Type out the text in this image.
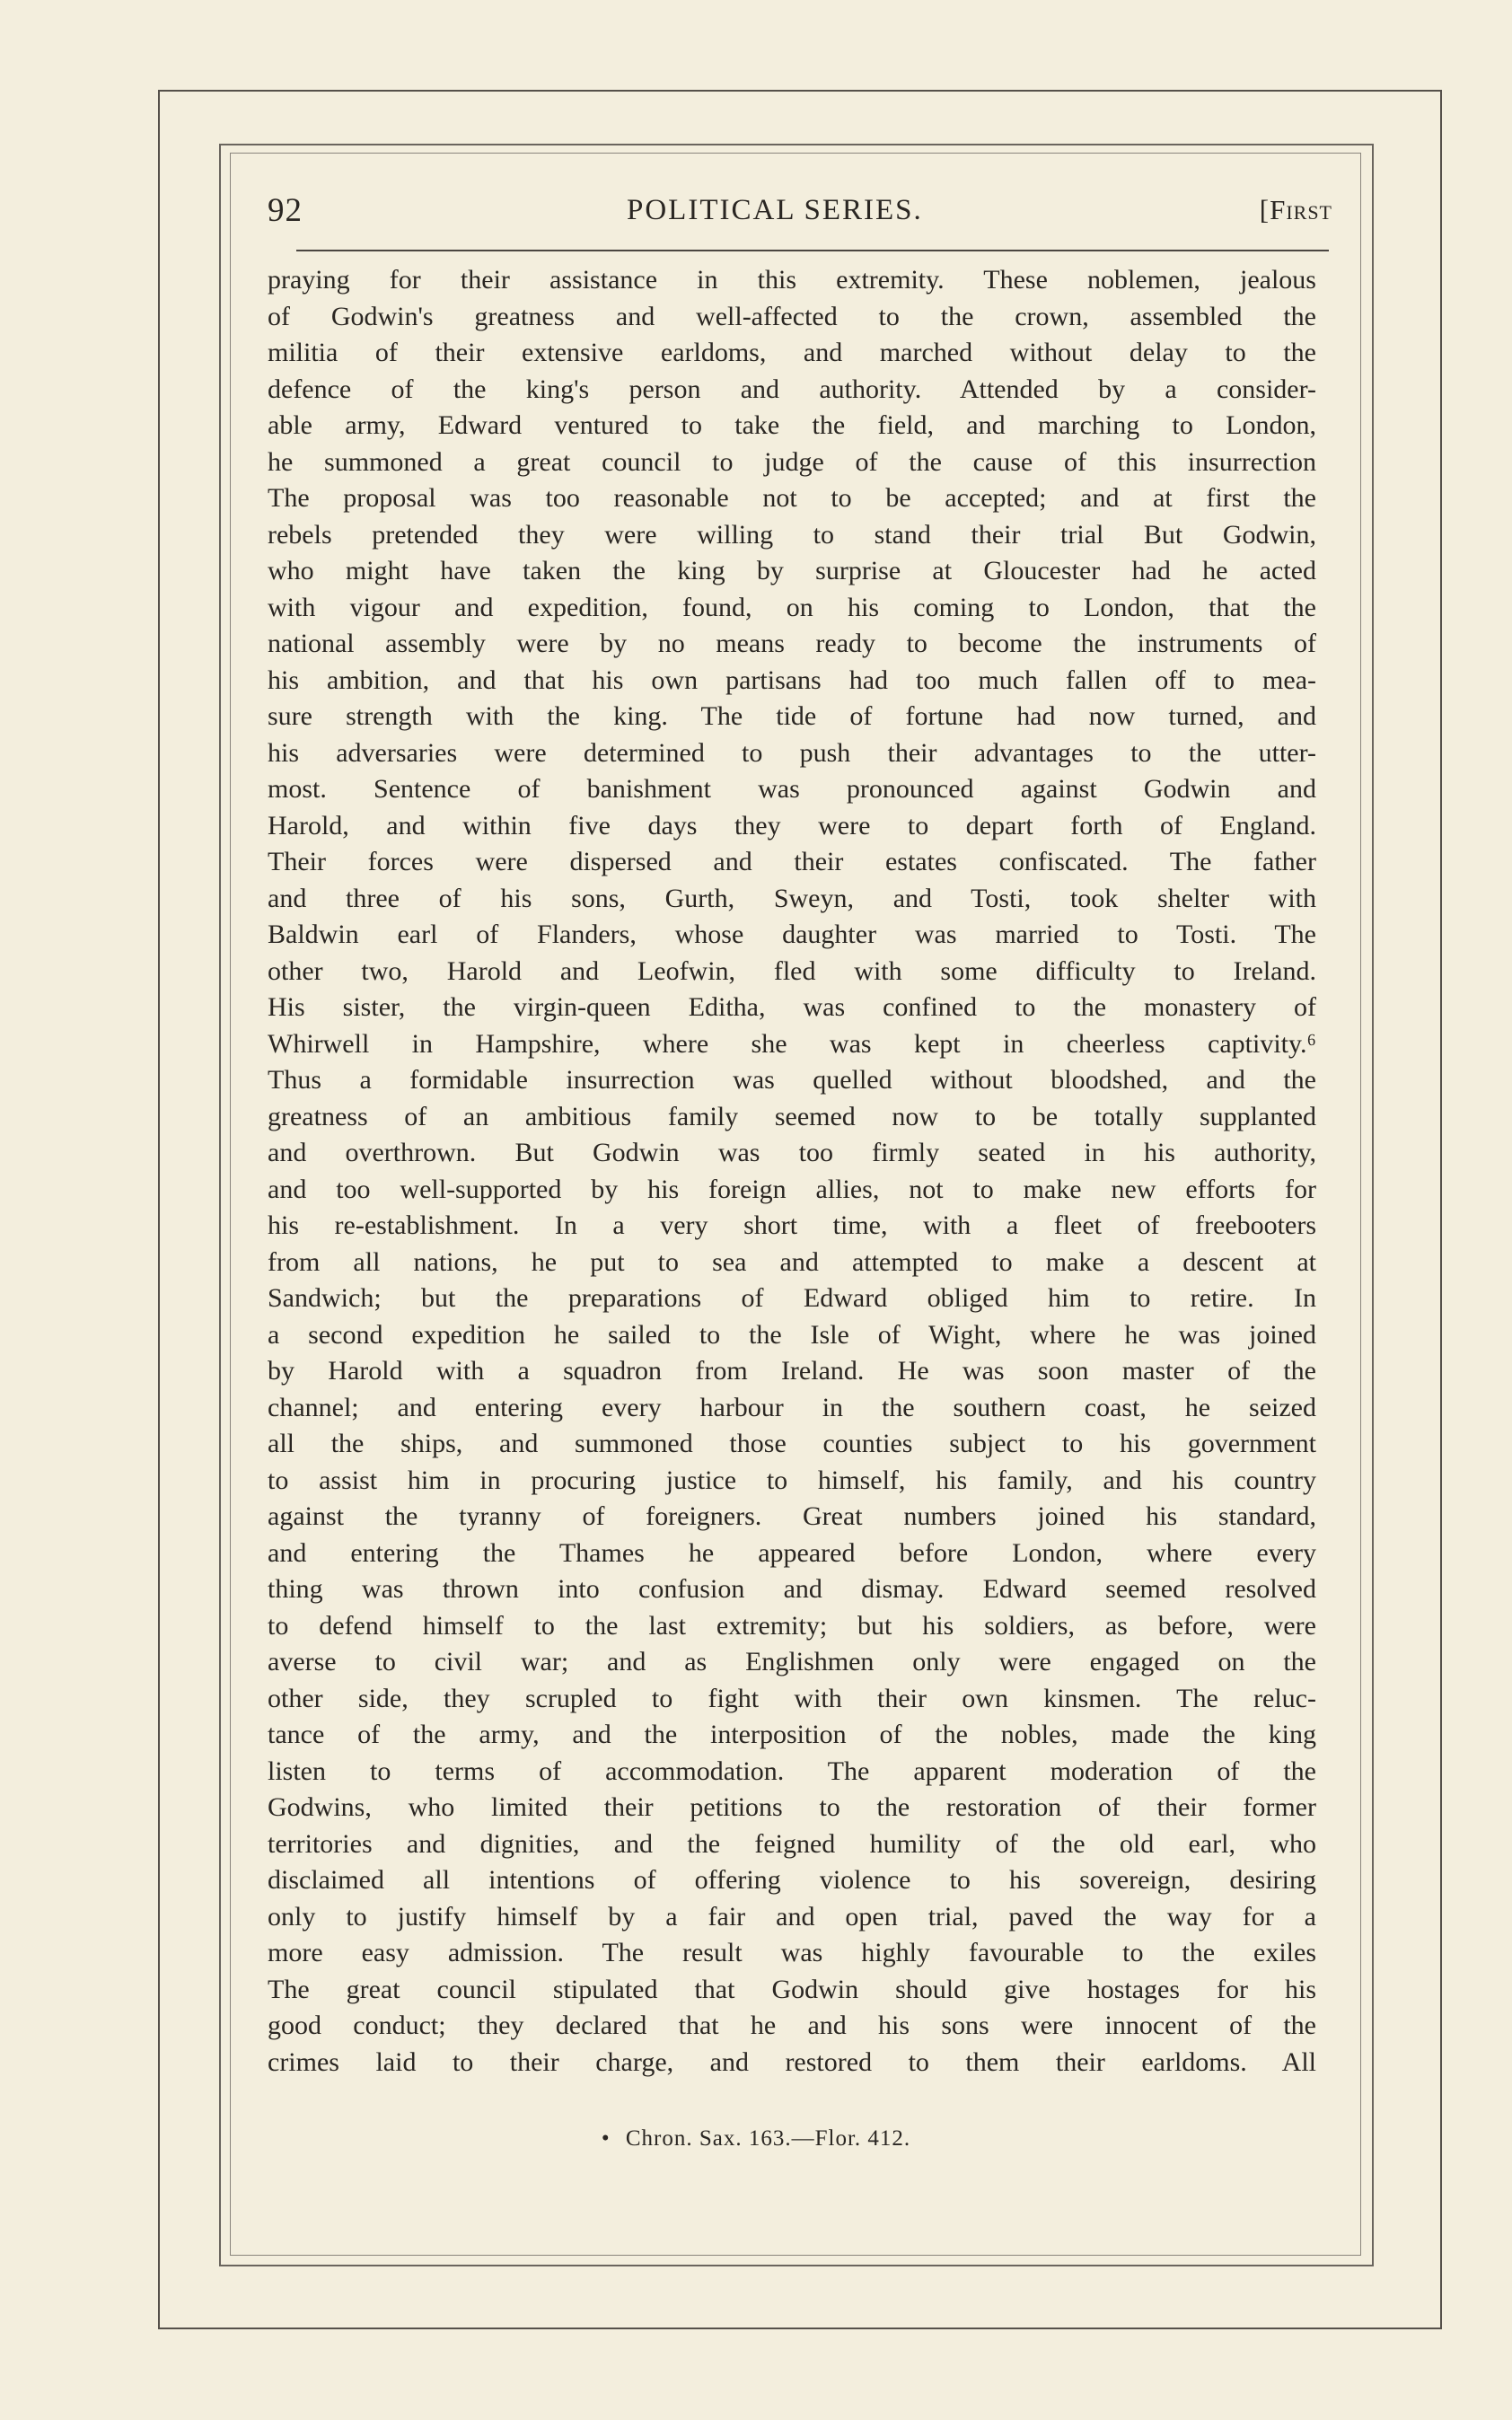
92	POLITICAL SERIES.	[First
praying for their assistance in this extremity. These noblemen, jealous
of Godwin's greatness and well-affected to the crown, assembled the
militia of their extensive earldoms, and marched without delay to the
defence of the king's person and authority. Attended by a consider-
able army, Edward ventured to take the field, and marching to London,
he summoned a great council to judge of the cause of this insurrection
The proposal was too reasonable not to be accepted; and at first the
rebels pretended they were willing to stand their trial But Godwin,
who might have taken the king by surprise at Gloucester had he acted
with vigour and expedition, found, on his coming to London, that the
national assembly were by no means ready to become the instruments of
his ambition, and that his own partisans had too much fallen off to mea-
sure strength with the king. The tide of fortune had now turned, and
his adversaries were determined to push their advantages to the utter-
most. Sentence of banishment was pronounced against Godwin and
Harold, and within five days they were to depart forth of England.
Their forces were dispersed and their estates confiscated. The father
and three of his sons, Gurth, Sweyn, and Tosti, took shelter with
Baldwin earl of Flanders, whose daughter was married to Tosti. The
other two, Harold and Leofwin, fled with some difficulty to Ireland.
His sister, the virgin-queen Editha, was confined to the monastery of
Whirwell in Hampshire, where she was kept in cheerless captivity.⁶
Thus a formidable insurrection was quelled without bloodshed, and the
greatness of an ambitious family seemed now to be totally supplanted
and overthrown. But Godwin was too firmly seated in his authority,
and too well-supported by his foreign allies, not to make new efforts for
his re-establishment. In a very short time, with a fleet of freebooters
from all nations, he put to sea and attempted to make a descent at
Sandwich; but the preparations of Edward obliged him to retire. In
a second expedition he sailed to the Isle of Wight, where he was joined
by Harold with a squadron from Ireland. He was soon master of the
channel; and entering every harbour in the southern coast, he seized
all the ships, and summoned those counties subject to his government
to assist him in procuring justice to himself, his family, and his country
against the tyranny of foreigners. Great numbers joined his standard,
and entering the Thames he appeared before London, where every
thing was thrown into confusion and dismay. Edward seemed resolved
to defend himself to the last extremity; but his soldiers, as before, were
averse to civil war; and as Englishmen only were engaged on the
other side, they scrupled to fight with their own kinsmen. The reluc-
tance of the army, and the interposition of the nobles, made the king
listen to terms of accommodation. The apparent moderation of the
Godwins, who limited their petitions to the restoration of their former
territories and dignities, and the feigned humility of the old earl, who
disclaimed all intentions of offering violence to his sovereign, desiring
only to justify himself by a fair and open trial, paved the way for a
more easy admission. The result was highly favourable to the exiles
The great council stipulated that Godwin should give hostages for his
good conduct; they declared that he and his sons were innocent of the
crimes laid to their charge, and restored to them their earldoms. All
• Chron. Sax. 163.—Flor. 412.
